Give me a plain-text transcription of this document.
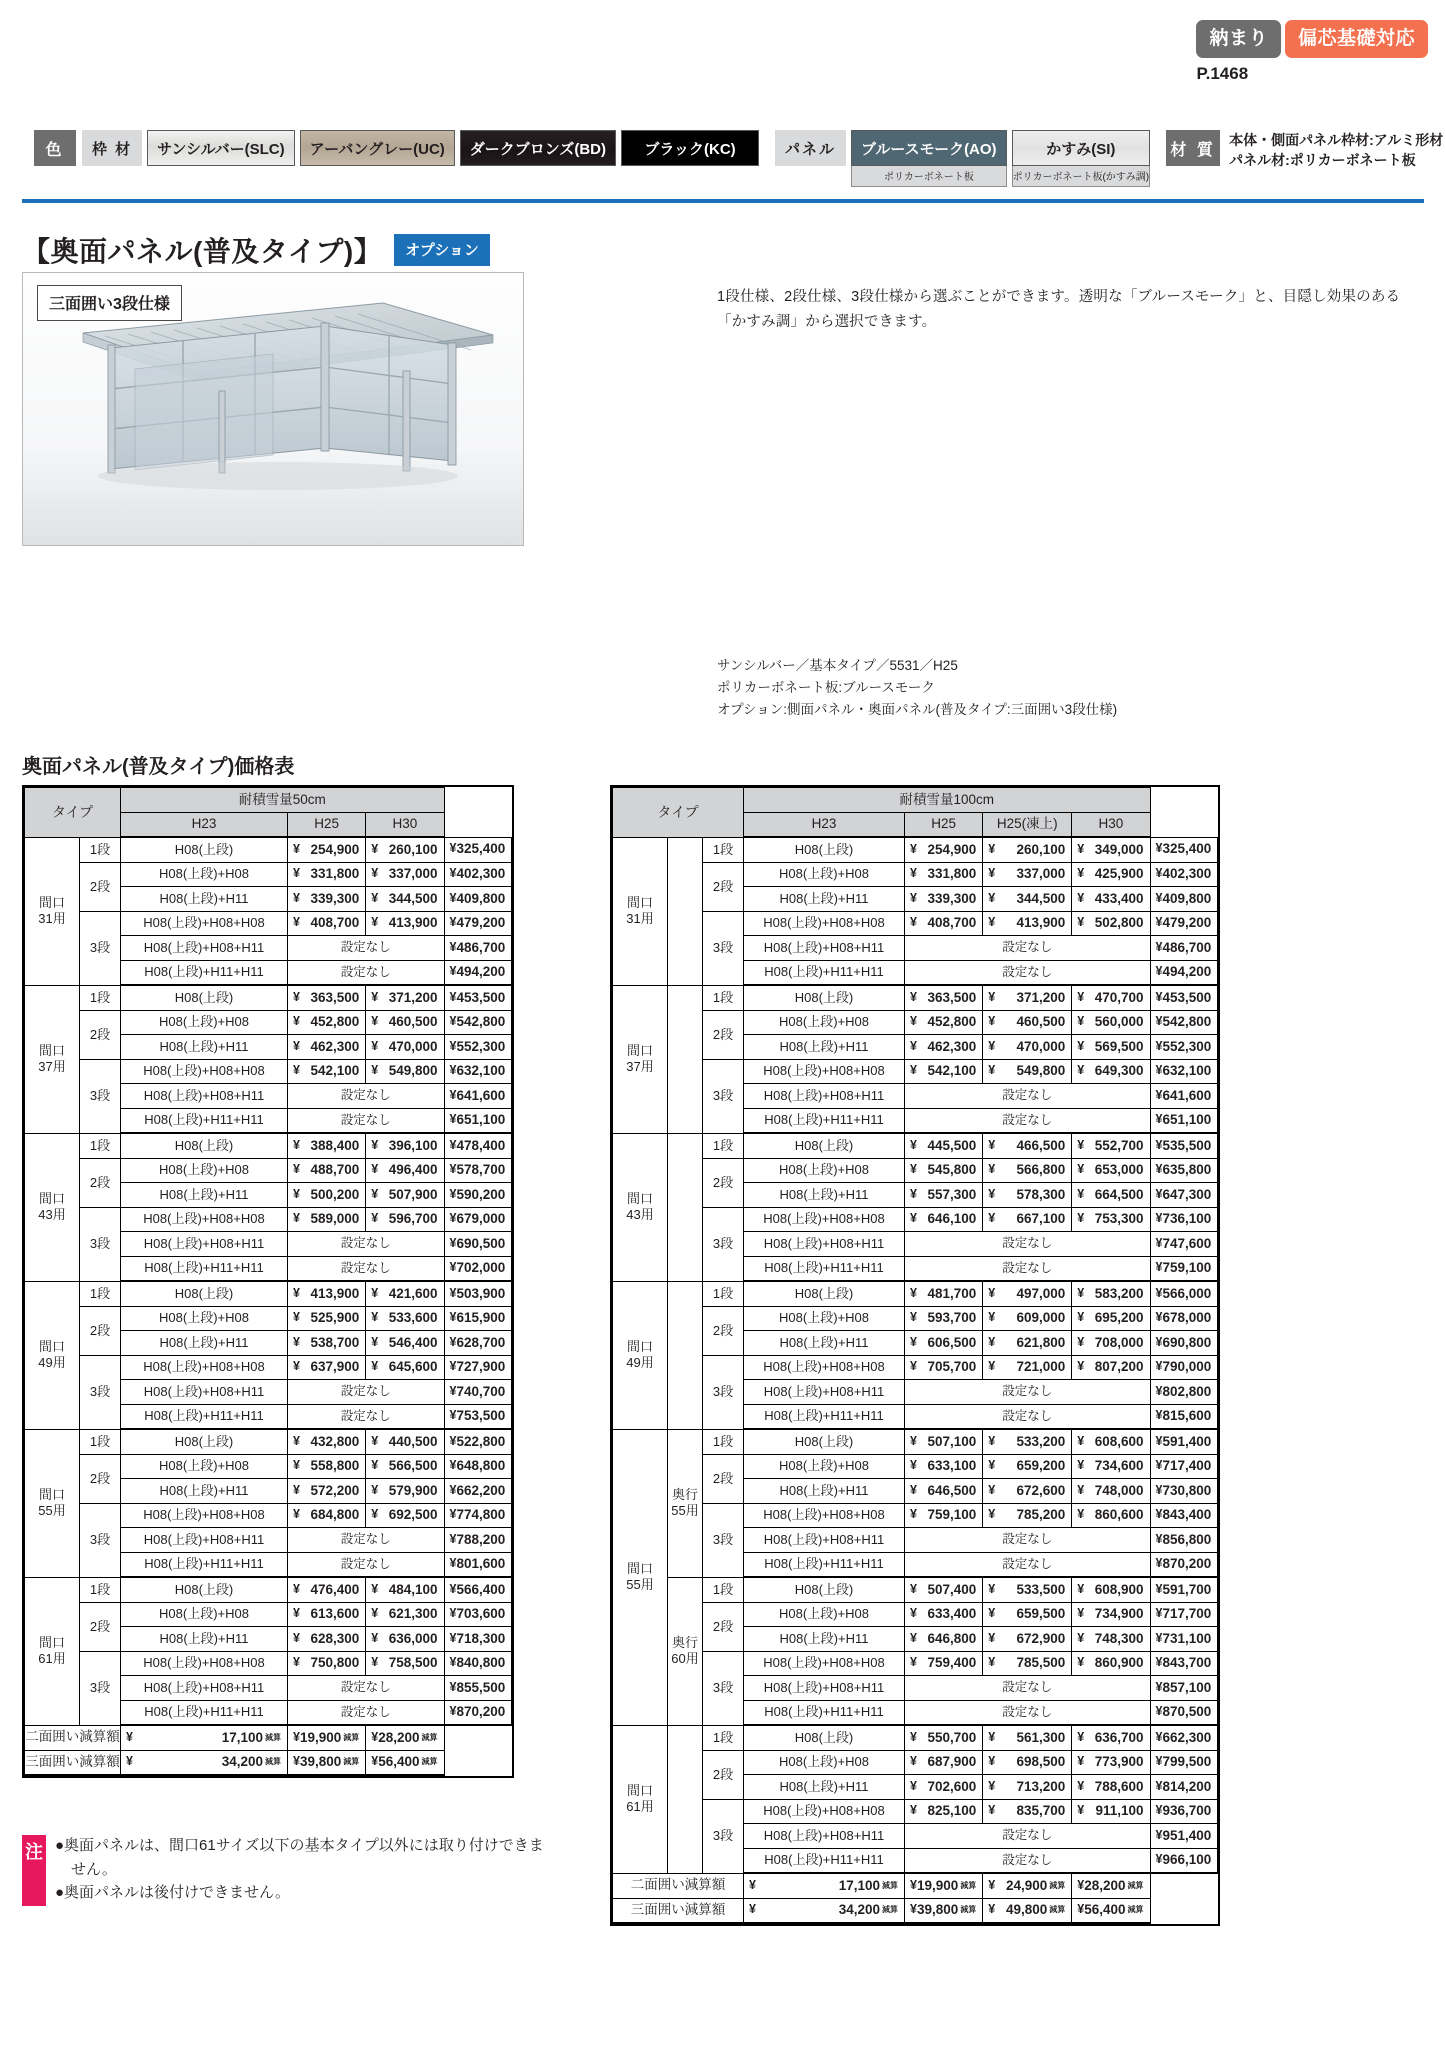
納まり	偏芯基礎対応
P.1468
色	枠 材	サンシルバー(SLC)	アーバングレー(UC)	ダークブロンズ(BD)	ブラック(KC)	パネル	ブルースモーク(AO)
ポリカーボネート板
かすみ(SI)
ポリカーボネート板(かすみ調)
材 質
本体・側面パネル枠材:アルミ形材
パネル材:ポリカーボネート板
【奥面パネル(普及タイプ)】	オプション
三面囲い3段仕様	1段仕様、2段仕様、3段仕様から選ぶことができます。透明な「ブルースモーク」と、目隠し効果のある「かすみ調」から選択できます。
サンシルバー／基本タイプ／5531／H25
ポリカーボネート板:ブルースモーク
オプション:側面パネル・奥面パネル(普及タイプ:三面囲い3段仕様)
奥面パネル(普及タイプ)価格表
タイプ		耐積雪量50cm			
		H23	H25	H30	
間口
31用	1段	H08(上段)	¥ 254,900	¥ 260,100	¥ 325,400
	2段	H08(上段)+H08	¥ 331,800	¥ 337,000	¥ 402,300
		H08(上段)+H11	¥ 339,300	¥ 344,500	¥ 409,800
	3段	H08(上段)+H08+H08	¥ 408,700	¥ 413,900	¥ 479,200
		H08(上段)+H08+H11	設定なし		¥ 486,700
		H08(上段)+H11+H11	設定なし		¥ 494,200
間口
37用	1段	H08(上段)	¥ 363,500	¥ 371,200	¥ 453,500
	2段	H08(上段)+H08	¥ 452,800	¥ 460,500	¥ 542,800
		H08(上段)+H11	¥ 462,300	¥ 470,000	¥ 552,300
	3段	H08(上段)+H08+H08	¥ 542,100	¥ 549,800	¥ 632,100
		H08(上段)+H08+H11	設定なし		¥ 641,600
		H08(上段)+H11+H11	設定なし		¥ 651,100
間口
43用	1段	H08(上段)	¥ 388,400	¥ 396,100	¥ 478,400
	2段	H08(上段)+H08	¥ 488,700	¥ 496,400	¥ 578,700
		H08(上段)+H11	¥ 500,200	¥ 507,900	¥ 590,200
	3段	H08(上段)+H08+H08	¥ 589,000	¥ 596,700	¥ 679,000
		H08(上段)+H08+H11	設定なし		¥ 690,500
		H08(上段)+H11+H11	設定なし		¥ 702,000
間口
49用	1段	H08(上段)	¥ 413,900	¥ 421,600	¥ 503,900
	2段	H08(上段)+H08	¥ 525,900	¥ 533,600	¥ 615,900
		H08(上段)+H11	¥ 538,700	¥ 546,400	¥ 628,700
	3段	H08(上段)+H08+H08	¥ 637,900	¥ 645,600	¥ 727,900
		H08(上段)+H08+H11	設定なし		¥ 740,700
		H08(上段)+H11+H11	設定なし		¥ 753,500
間口
55用	1段	H08(上段)	¥ 432,800	¥ 440,500	¥ 522,800
	2段	H08(上段)+H08	¥ 558,800	¥ 566,500	¥ 648,800
		H08(上段)+H11	¥ 572,200	¥ 579,900	¥ 662,200
	3段	H08(上段)+H08+H08	¥ 684,800	¥ 692,500	¥ 774,800
		H08(上段)+H08+H11	設定なし		¥ 788,200
		H08(上段)+H11+H11	設定なし		¥ 801,600
間口
61用	1段	H08(上段)	¥ 476,400	¥ 484,100	¥ 566,400
	2段	H08(上段)+H08	¥ 613,600	¥ 621,300	¥ 703,600
		H08(上段)+H11	¥ 628,300	¥ 636,000	¥ 718,300
	3段	H08(上段)+H08+H08	¥ 750,800	¥ 758,500	¥ 840,800
		H08(上段)+H08+H11	設定なし		¥ 855,500
		H08(上段)+H11+H11	設定なし		¥ 870,200
二面囲い減算額		¥ 17,100 減算	¥ 19,900 減算	¥ 28,200 減算	
三面囲い減算額		¥ 34,200 減算	¥ 39,800 減算	¥ 56,400 減算	
タイプ			耐積雪量100cm				
			H23	H25	H25(凍上)	H30	
間口
31用		1段	H08(上段)	¥ 254,900	¥ 260,100	¥ 349,000	¥ 325,400
		2段	H08(上段)+H08	¥ 331,800	¥ 337,000	¥ 425,900	¥ 402,300
			H08(上段)+H11	¥ 339,300	¥ 344,500	¥ 433,400	¥ 409,800
		3段	H08(上段)+H08+H08	¥ 408,700	¥ 413,900	¥ 502,800	¥ 479,200
			H08(上段)+H08+H11	設定なし			¥ 486,700
			H08(上段)+H11+H11	設定なし			¥ 494,200
間口
37用		1段	H08(上段)	¥ 363,500	¥ 371,200	¥ 470,700	¥ 453,500
		2段	H08(上段)+H08	¥ 452,800	¥ 460,500	¥ 560,000	¥ 542,800
			H08(上段)+H11	¥ 462,300	¥ 470,000	¥ 569,500	¥ 552,300
		3段	H08(上段)+H08+H08	¥ 542,100	¥ 549,800	¥ 649,300	¥ 632,100
			H08(上段)+H08+H11	設定なし			¥ 641,600
			H08(上段)+H11+H11	設定なし			¥ 651,100
間口
43用		1段	H08(上段)	¥ 445,500	¥ 466,500	¥ 552,700	¥ 535,500
		2段	H08(上段)+H08	¥ 545,800	¥ 566,800	¥ 653,000	¥ 635,800
			H08(上段)+H11	¥ 557,300	¥ 578,300	¥ 664,500	¥ 647,300
		3段	H08(上段)+H08+H08	¥ 646,100	¥ 667,100	¥ 753,300	¥ 736,100
			H08(上段)+H08+H11	設定なし			¥ 747,600
			H08(上段)+H11+H11	設定なし			¥ 759,100
間口
49用		1段	H08(上段)	¥ 481,700	¥ 497,000	¥ 583,200	¥ 566,000
		2段	H08(上段)+H08	¥ 593,700	¥ 609,000	¥ 695,200	¥ 678,000
			H08(上段)+H11	¥ 606,500	¥ 621,800	¥ 708,000	¥ 690,800
		3段	H08(上段)+H08+H08	¥ 705,700	¥ 721,000	¥ 807,200	¥ 790,000
			H08(上段)+H08+H11	設定なし			¥ 802,800
			H08(上段)+H11+H11	設定なし			¥ 815,600
間口
55用	奥行
55用	1段	H08(上段)	¥ 507,100	¥ 533,200	¥ 608,600	¥ 591,400
		2段	H08(上段)+H08	¥ 633,100	¥ 659,200	¥ 734,600	¥ 717,400
			H08(上段)+H11	¥ 646,500	¥ 672,600	¥ 748,000	¥ 730,800
		3段	H08(上段)+H08+H08	¥ 759,100	¥ 785,200	¥ 860,600	¥ 843,400
			H08(上段)+H08+H11	設定なし			¥ 856,800
			H08(上段)+H11+H11	設定なし			¥ 870,200
	奥行
60用	1段	H08(上段)	¥ 507,400	¥ 533,500	¥ 608,900	¥ 591,700
		2段	H08(上段)+H08	¥ 633,400	¥ 659,500	¥ 734,900	¥ 717,700
			H08(上段)+H11	¥ 646,800	¥ 672,900	¥ 748,300	¥ 731,100
		3段	H08(上段)+H08+H08	¥ 759,400	¥ 785,500	¥ 860,900	¥ 843,700
			H08(上段)+H08+H11	設定なし			¥ 857,100
			H08(上段)+H11+H11	設定なし			¥ 870,500
間口
61用		1段	H08(上段)	¥ 550,700	¥ 561,300	¥ 636,700	¥ 662,300
		2段	H08(上段)+H08	¥ 687,900	¥ 698,500	¥ 773,900	¥ 799,500
			H08(上段)+H11	¥ 702,600	¥ 713,200	¥ 788,600	¥ 814,200
		3段	H08(上段)+H08+H08	¥ 825,100	¥ 835,700	¥ 911,100	¥ 936,700
			H08(上段)+H08+H11	設定なし			¥ 951,400
			H08(上段)+H11+H11	設定なし			¥ 966,100
二面囲い減算額			¥ 17,100 減算	¥ 19,900 減算	¥ 24,900 減算	¥ 28,200 減算	
三面囲い減算額			¥ 34,200 減算	¥ 39,800 減算	¥ 49,800 減算	¥ 56,400 減算	
注 ●奥面パネルは、間口61サイズ以下の基本タイプ以外には取り付けできま

せん。

●奥面パネルは後付けできません。
